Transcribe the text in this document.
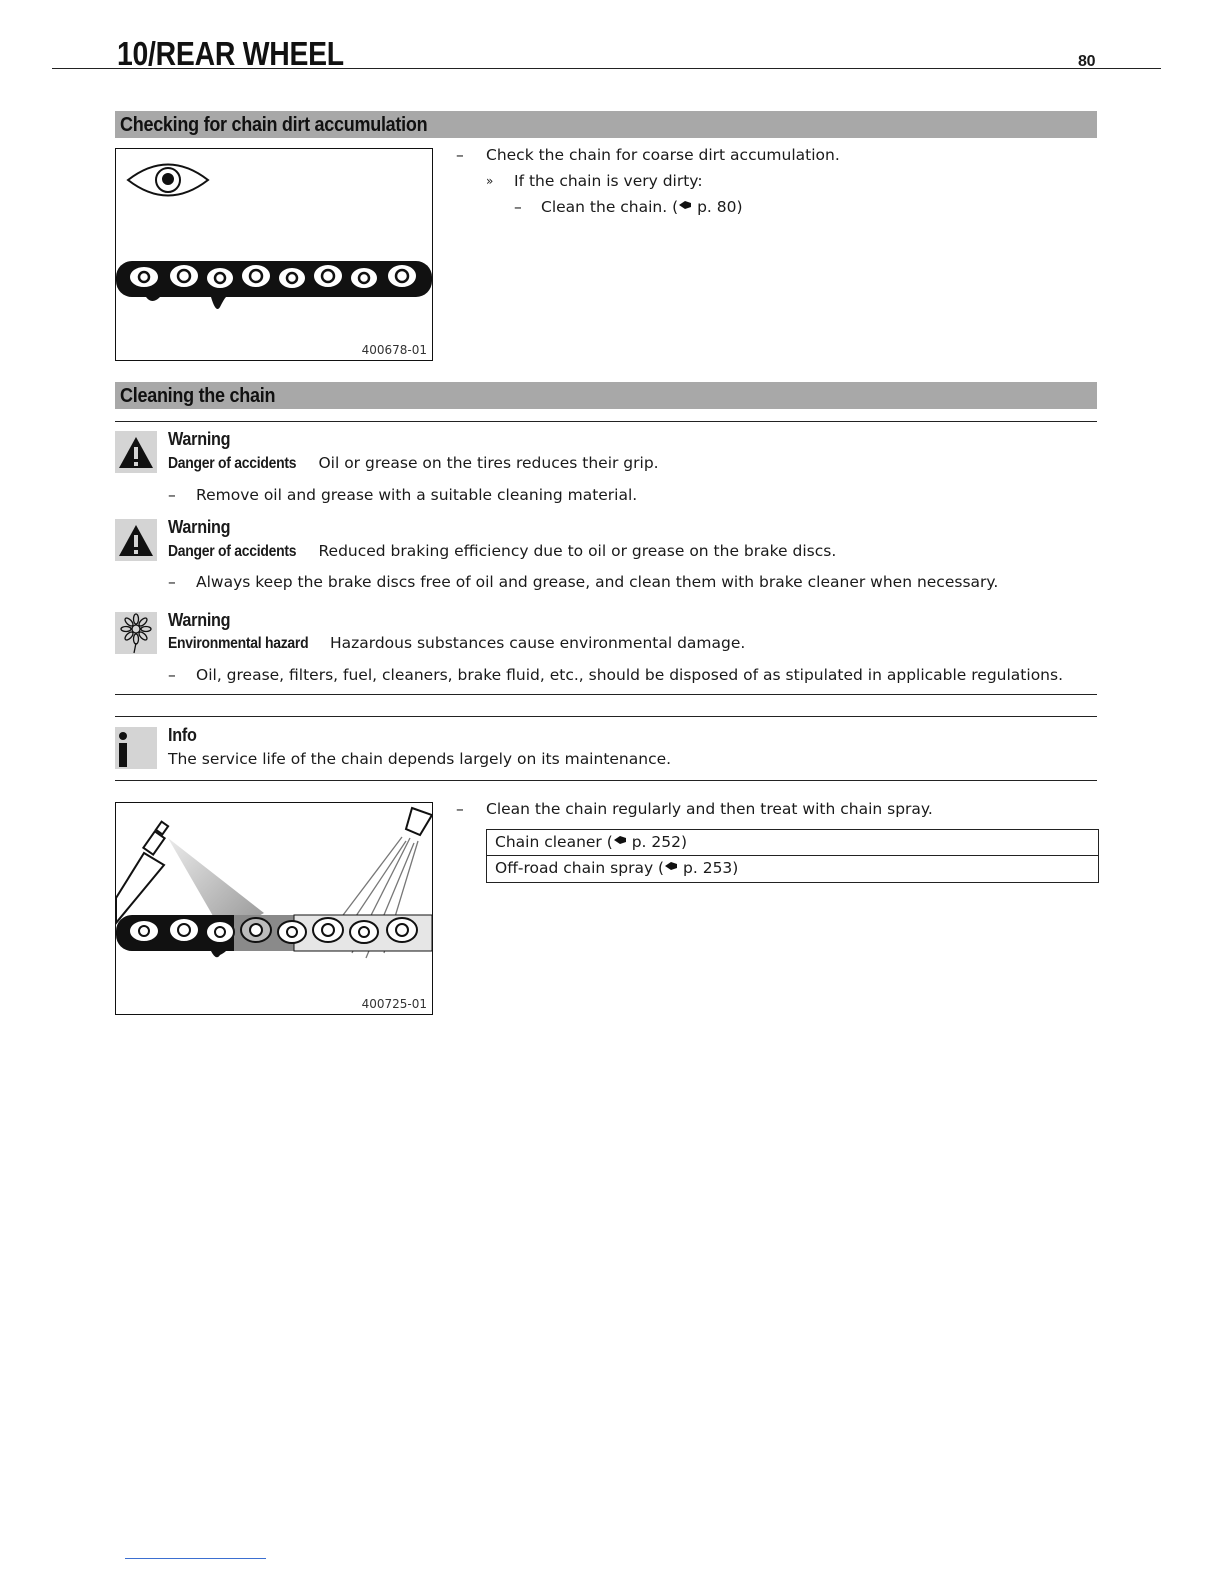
10/REAR WHEEL	80
Checking for chain dirt accumulation
400678-01
– Check the chain for coarse dirt accumulation.
» If the chain is very dirty:
– Clean the chain. ( p. 80)
Cleaning the chain
Warning
Danger of accidents Oil or grease on the tires reduces their grip.
– Remove oil and grease with a suitable cleaning material.
Warning
Danger of accidents Reduced braking efficiency due to oil or grease on the brake discs.
– Always keep the brake discs free of oil and grease, and clean them with brake cleaner when necessary.
Warning
Environmental hazard Hazardous substances cause environmental damage.
– Oil, grease, filters, fuel, cleaners, brake fluid, etc., should be disposed of as stipulated in applicable regulations.
Info
The service life of the chain depends largely on its maintenance.
400725-01
– Clean the chain regularly and then treat with chain spray.
Chain cleaner ( p. 252)
Off-road chain spray ( p. 253)
